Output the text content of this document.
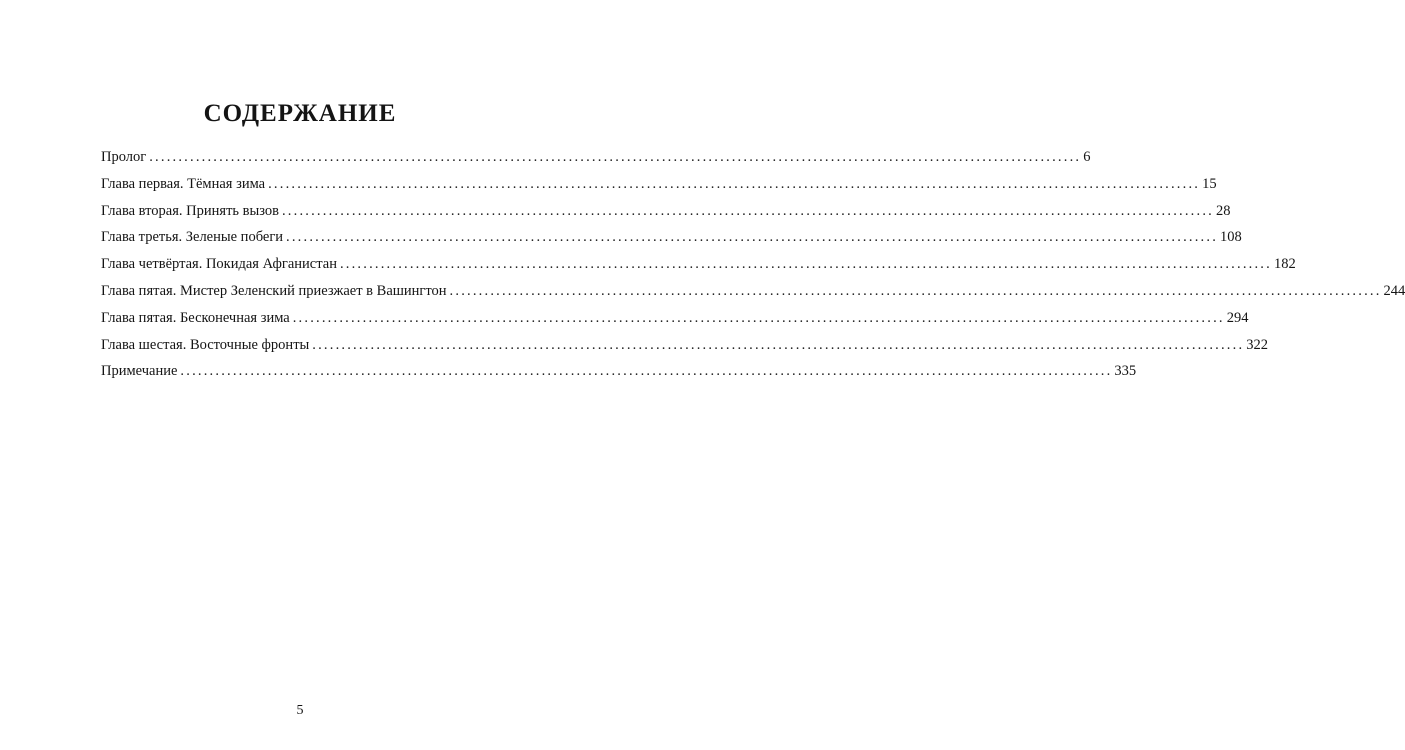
СОДЕРЖАНИЕ
Пролог ................................................................................................................................................................ 6
Глава первая. Тёмная зима ................................................................................................................................................................ 15
Глава вторая. Принять вызов ................................................................................................................................................................ 28
Глава третья. Зеленые побеги ................................................................................................................................................................ 108
Глава четвёртая. Покидая Афганистан ................................................................................................................................................................ 182
Глава пятая. Мистер Зеленский приезжает в Вашингтон ................................................................................................................................................................ 244
Глава пятая. Бесконечная зима ................................................................................................................................................................ 294
Глава шестая. Восточные фронты ................................................................................................................................................................ 322
Примечание ................................................................................................................................................................ 335
5
